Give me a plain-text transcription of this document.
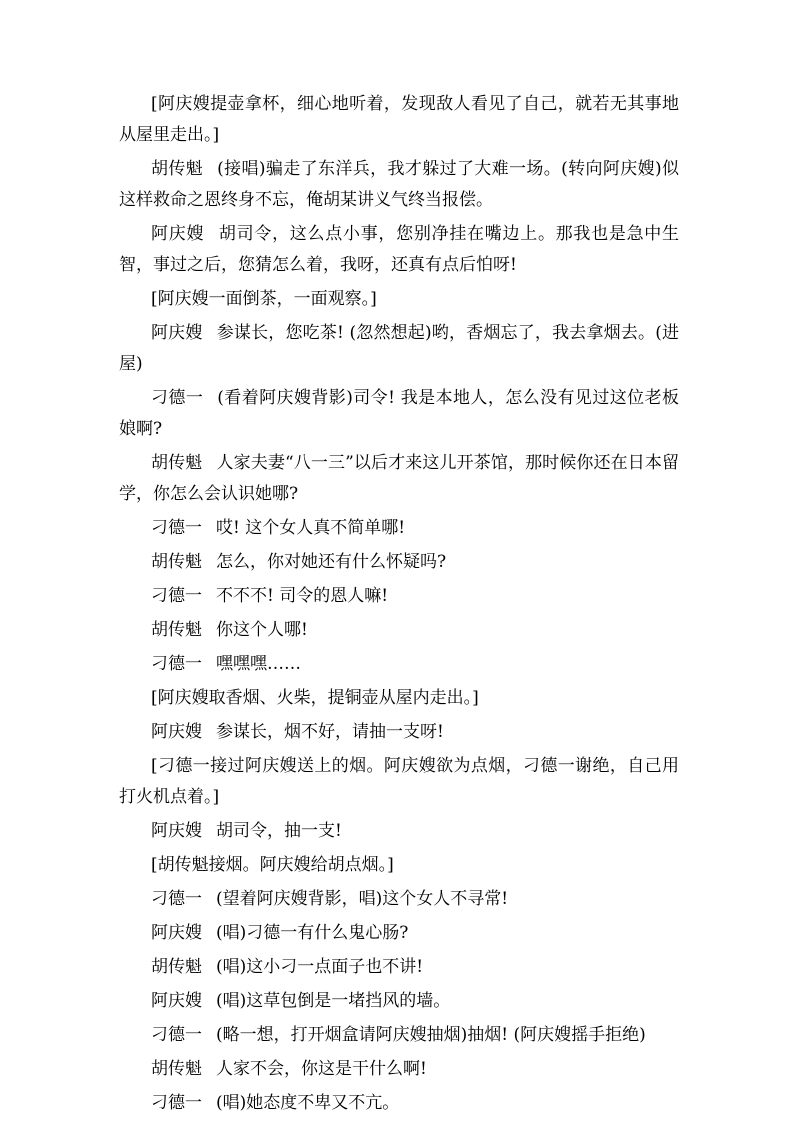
[阿庆嫂提壶拿杯，细心地听着，发现敌人看见了自己，就若无其事地从屋里走出。]

胡传魁 (接唱)骗走了东洋兵，我才躲过了大难一场。(转向阿庆嫂)似这样救命之恩终身不忘，俺胡某讲义气终当报偿。

阿庆嫂 胡司令，这么点小事，您别净挂在嘴边上。那我也是急中生智，事过之后，您猜怎么着，我呀，还真有点后怕呀!

[阿庆嫂一面倒茶，一面观察。]

阿庆嫂 参谋长，您吃茶! (忽然想起)哟，香烟忘了，我去拿烟去。(进屋)

刁德一 (看着阿庆嫂背影)司令! 我是本地人，怎么没有见过这位老板娘啊?

胡传魁 人家夫妻“八一三”以后才来这儿开茶馆，那时候你还在日本留学，你怎么会认识她哪?

刁德一 哎! 这个女人真不简单哪!

胡传魁 怎么，你对她还有什么怀疑吗?

刁德一 不不不! 司令的恩人嘛!

胡传魁 你这个人哪!

刁德一 嘿嘿嘿……

[阿庆嫂取香烟、火柴，提铜壶从屋内走出。]

阿庆嫂 参谋长，烟不好，请抽一支呀!

[刁德一接过阿庆嫂送上的烟。阿庆嫂欲为点烟，刁德一谢绝，自己用打火机点着。]

阿庆嫂 胡司令，抽一支!

[胡传魁接烟。阿庆嫂给胡点烟。]

刁德一 (望着阿庆嫂背影，唱)这个女人不寻常!

阿庆嫂 (唱)刁德一有什么鬼心肠?

胡传魁 (唱)这小刁一点面子也不讲!

阿庆嫂 (唱)这草包倒是一堵挡风的墙。

刁德一 (略一想，打开烟盒请阿庆嫂抽烟)抽烟! (阿庆嫂摇手拒绝)

胡传魁 人家不会，你这是干什么啊!

刁德一 (唱)她态度不卑又不亢。
